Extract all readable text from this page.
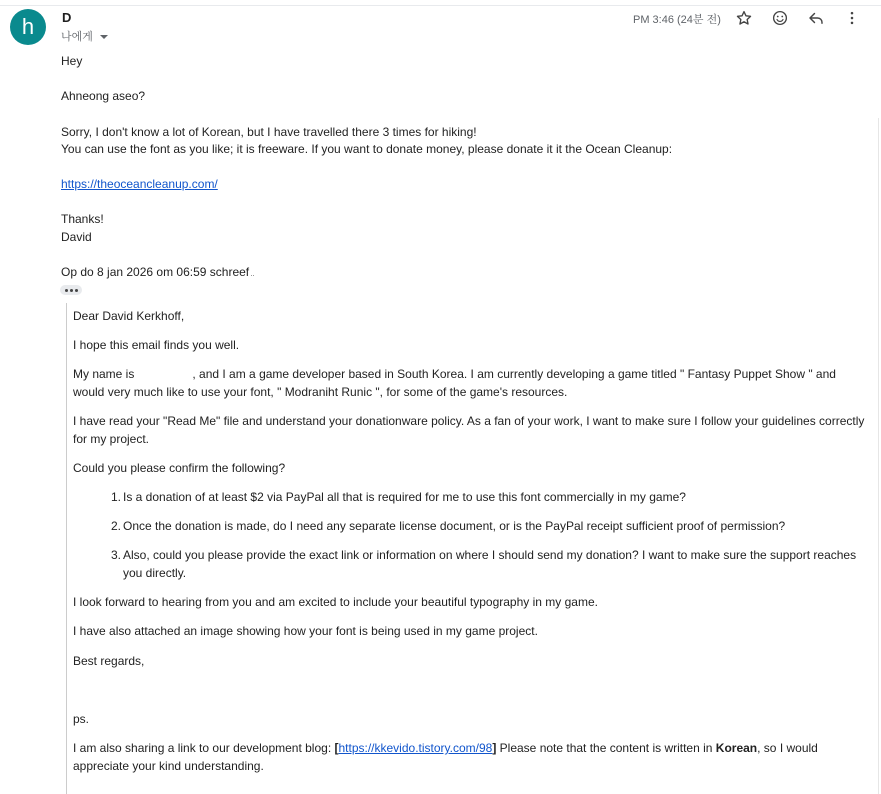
h	D
나에게
PM 3:46 (24분 전)
Hey
Ahneong aseo?
Sorry, I don't know a lot of Korean, but I have travelled there 3 times for hiking!
You can use the font as you like; it is freeware. If you want to donate money, please donate it it the Ocean Cleanup:
https://theoceancleanup.com/
Thanks!
David
Op do 8 jan 2026 om 06:59 schreef
Dear David Kerkhoff,
I hope this email finds you well.
My name is	, and I am a game developer based in South Korea. I am currently developing a game titled " Fantasy Puppet Show " and would very much like to use your font, " Modraniht Runic ", for some of the game's resources.
I have read your "Read Me" file and understand your donationware policy. As a fan of your work, I want to make sure I follow your guidelines correctly for my project.
Could you please confirm the following?
1. Is a donation of at least $2 via PayPal all that is required for me to use this font commercially in my game?
2. Once the donation is made, do I need any separate license document, or is the PayPal receipt sufficient proof of permission?
3. Also, could you please provide the exact link or information on where I should send my donation? I want to make sure the support reaches you directly.
I look forward to hearing from you and am excited to include your beautiful typography in my game.
I have also attached an image showing how your font is being used in my game project.
Best regards,
ps.
I am also sharing a link to our development blog: [https://kkevido.tistory.com/98] Please note that the content is written in Korean, so I would appreciate your kind understanding.
